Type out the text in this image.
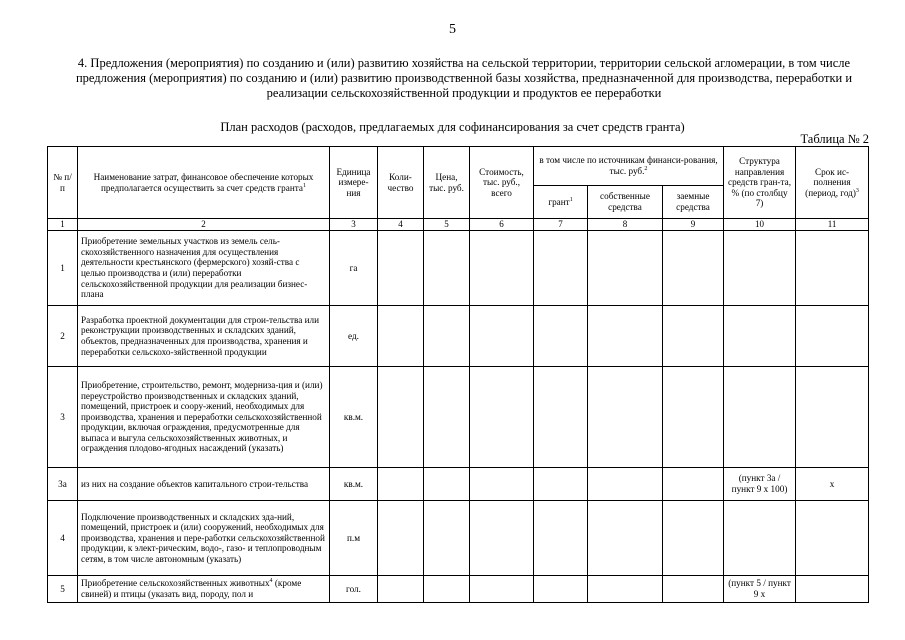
5
4. Предложения (мероприятия) по созданию и (или) развитию хозяйства на сельской территории, территории сельской агломерации, в том числе предложения (мероприятия) по созданию и (или) развитию производственной базы хозяйства, предназначенной для производства, переработки и реализации сельскохозяйственной продукции и продуктов ее переработки
План расходов (расходов, предлагаемых для софинансирования за счет средств гранта)
Таблица № 2
№ п/п	Наименование затрат, финансовое обеспечение которых предполагается осуществить за счет средств гранта$^1$	Единица измере-ния	Коли-чество	Цена, тыс. руб.	Стоимость, тыс. руб., всего	в том числе по источникам финанси-рования, тыс. руб.$^2$			Структура направления средств гран-та, % (по столбцу 7)	Срок ис-полнения (период, год)$^3$
						грант$^1$	собственные средства	заемные средства		
1	2	3	4	5	6	7	8	9	10	11
1	Приобретение земельных участков из земель сель-скохозяйственного назначения для осуществления деятельности крестьянского (фермерского) хозяй-ства с целью производства и (или) переработки сельскохозяйственной продукции для реализации бизнес-плана	га								
2	Разработка проектной документации для строи-тельства или реконструкции производственных и складских зданий, объектов, предназначенных для производства, хранения и переработки сельскохо-зяйственной продукции	ед.								
3	Приобретение, строительство, ремонт, модерниза-ция и (или) переустройство производственных и складских зданий, помещений, пристроек и соору-жений, необходимых для производства, хранения и переработки сельскохозяйственной продукции, включая ограждения, предусмотренные для выпаса и выгула сельскохозяйственных животных, и ограждения плодово-ягодных насаждений (указать)	кв.м.								
3а	из них на создание объектов капитального строи-тельства	кв.м.							(пункт 3а / пункт 9 х 100)	х
4	Подключение производственных и складских зда-ний, помещений, пристроек и (или) сооружений, необходимых для производства, хранения и пере-работки сельскохозяйственной продукции, к элект-рическим, водо-, газо- и теплопроводным сетям, в том числе автономным (указать)	п.м								
5	Приобретение сельскохозяйственных животных$^4$ (кроме свиней) и птицы (указать вид, породу, пол и	гол.							(пункт 5 / пункт 9 х	
